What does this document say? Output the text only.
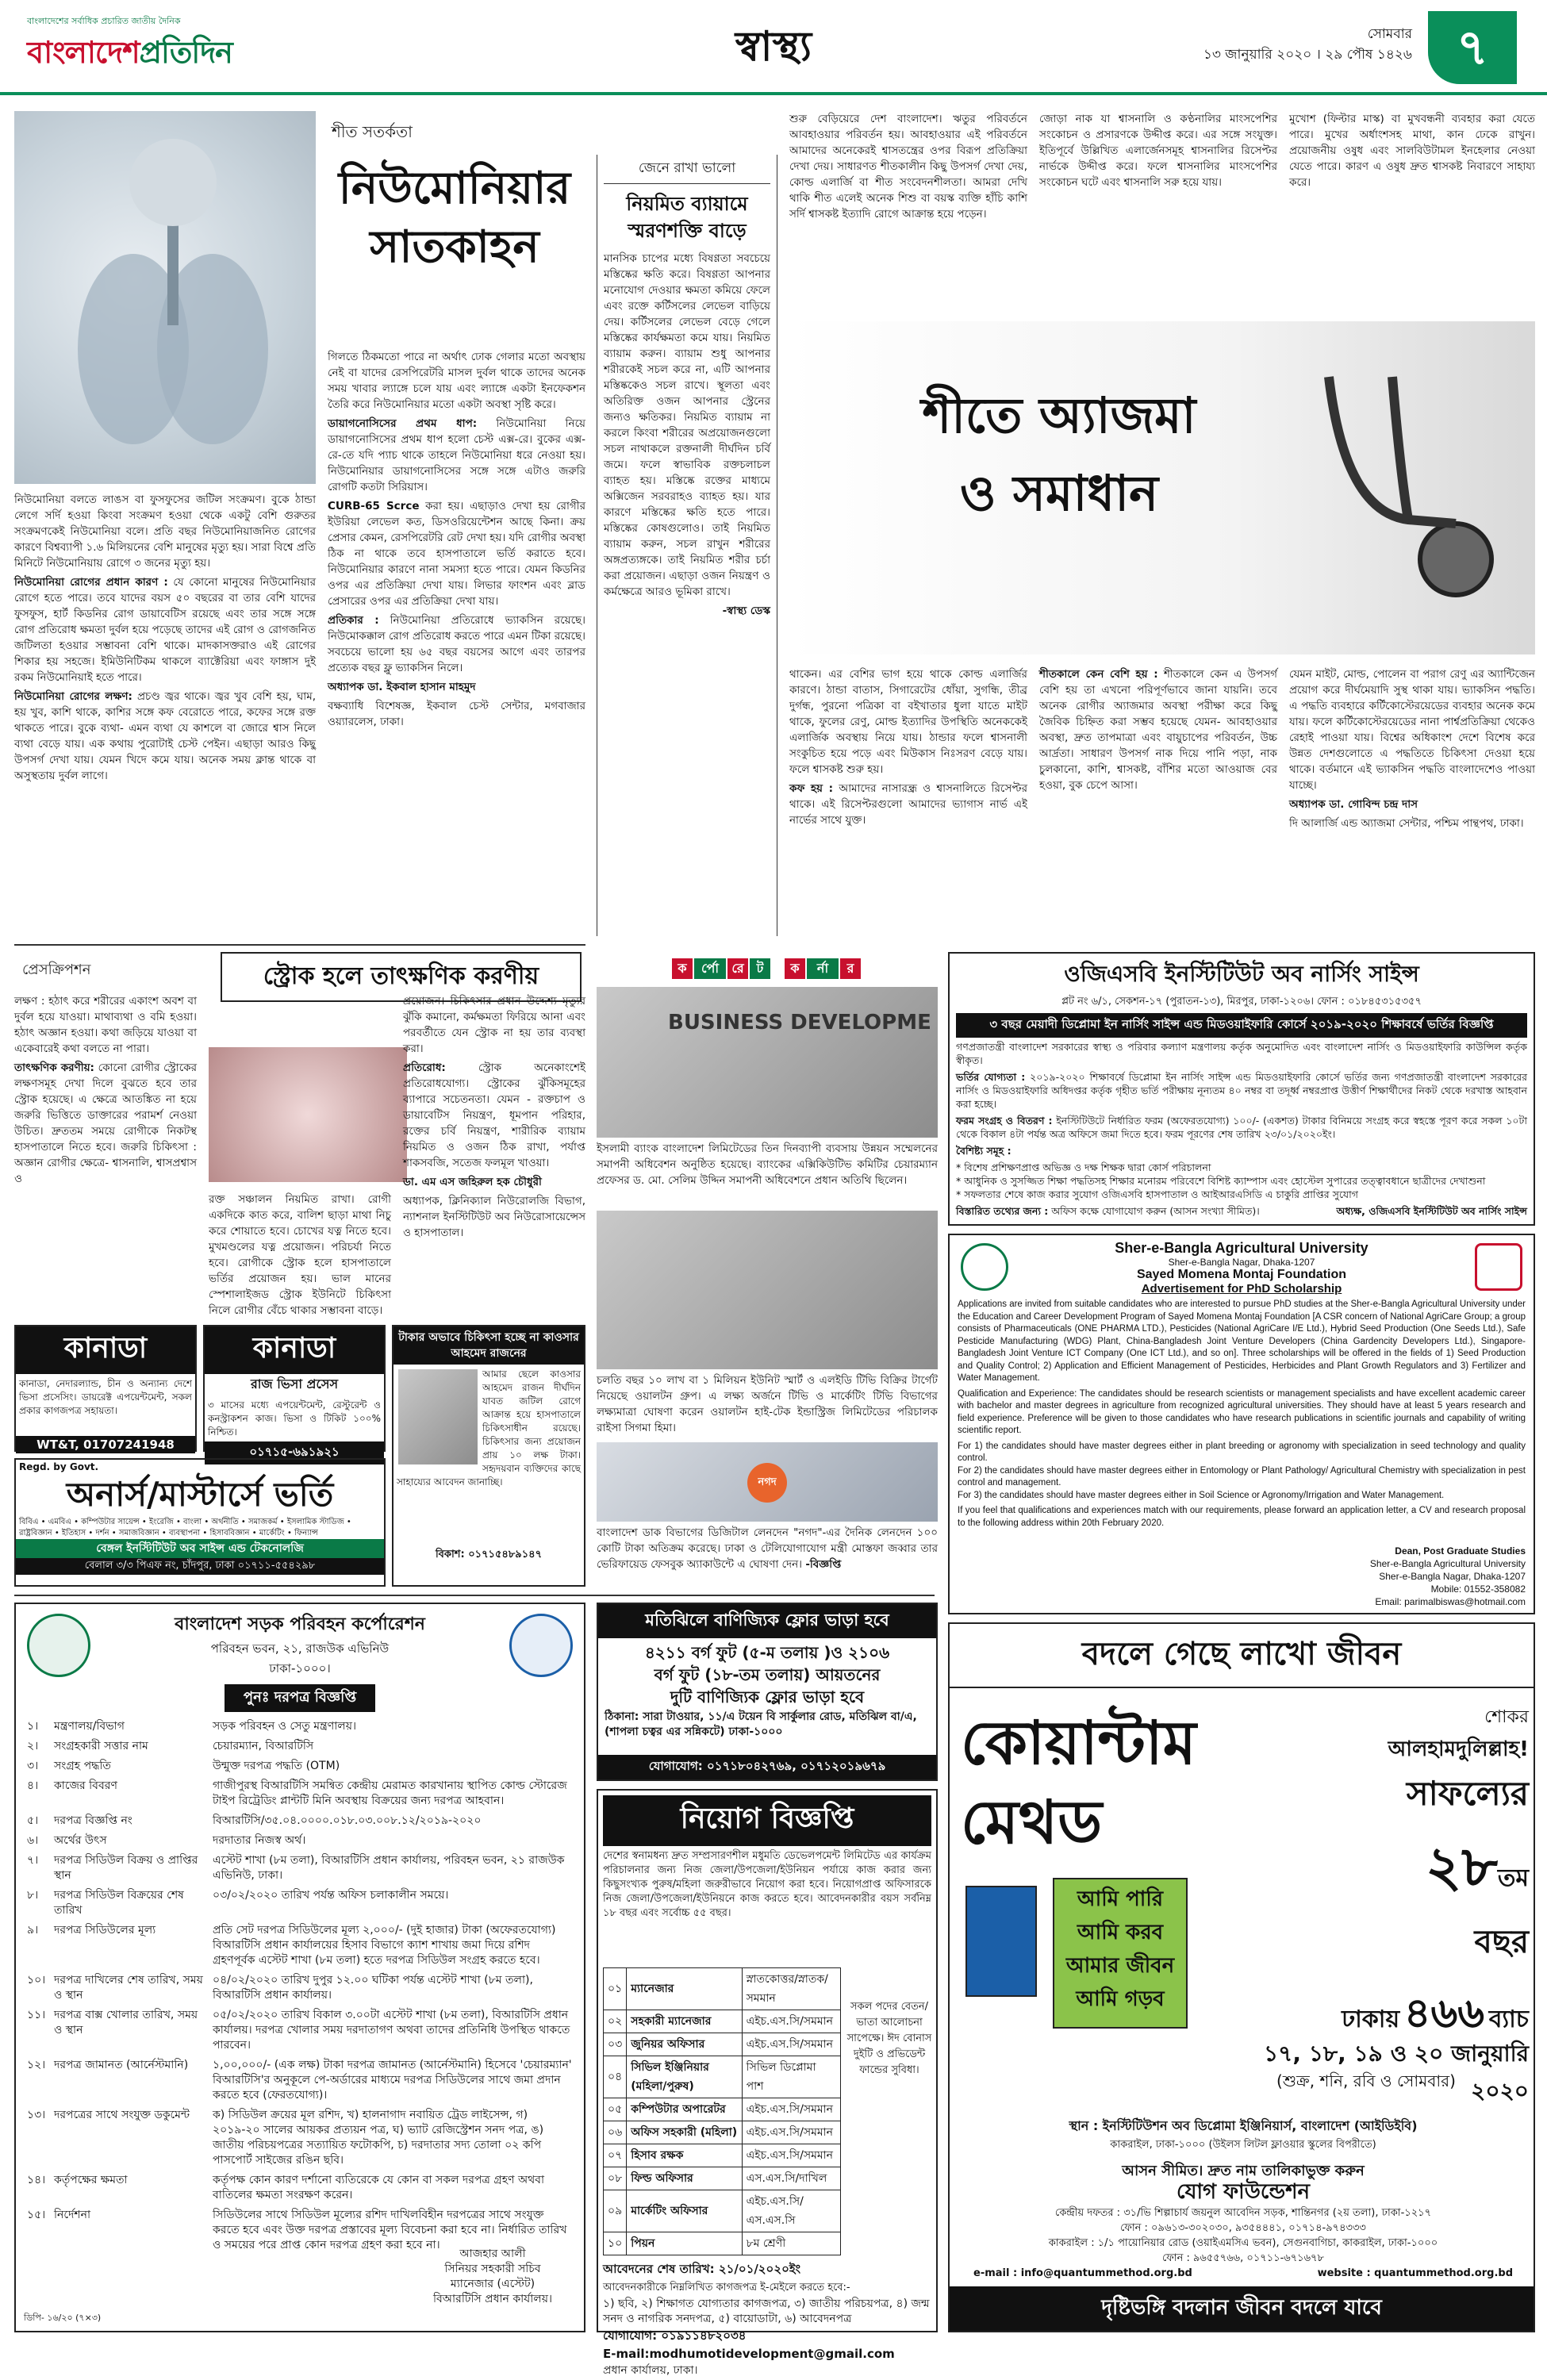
বাংলাদেশের সর্বাধিক প্রচারিত জাতীয় দৈনিক
বাংলাদেশপ্রতিদিন	স্বাস্থ্য	সোমবার
১৩ জানুয়ারি ২০২০ । ২৯ পৌষ ১৪২৬ ৭
শীত সতর্কতা
নিউমোনিয়ার
সাতকাহন

নিউমোনিয়া বলতে লাঙস বা ফুসফুসের জটিল সংক্রমণ। বুকে ঠান্ডা লেগে সর্দি হওয়া কিংবা সংক্রমণ হওয়া থেকে একটু বেশি গুরুতর সংক্রমণকেই নিউমোনিয়া বলে। প্রতি বছর নিউমোনিয়াজনিত রোগের কারণে বিশ্বব্যাপী ১.৬ মিলিয়নের বেশি মানুষের মৃত্যু হয়। সারা বিশ্বে প্রতি মিনিটে নিউমোনিয়ায় রোগে ৩ জনের মৃত্যু হয়।

নিউমোনিয়া রোগের প্রধান কারণ : যে কোনো মানুষের নিউমোনিয়ার রোগে হতে পারে। তবে যাদের বয়স ৫০ বছরের বা তার বেশি যাদের ফুসফুস, হার্ট কিডনির রোগ ডায়াবেটিস রয়েছে এবং তার সঙ্গে সঙ্গে রোগ প্রতিরোধ ক্ষমতা দুর্বল হয়ে পড়েছে তাদের এই রোগ ও রোগজনিত জটিলতা হওয়ার সম্ভাবনা বেশি থাকে। মাদকাসক্তরাও এই রোগের শিকার হয় সহজে। ইমিউনিটিকম থাকলে ব্যাক্টেরিয়া এবং ফাঙ্গাস দুই রকম নিউমোনিয়াই হতে পারে।

নিউমোনিয়া রোগের লক্ষণ: প্রচণ্ড জ্বর থাকে। জ্বর খুব বেশি হয়, ঘাম, হয় খুব, কাশি থাকে, কাশির সঙ্গে কফ বেরোতে পারে, কফের সঙ্গে রক্ত থাকতে পারে। বুকে ব্যথা- এমন ব্যথা যে কাশলে বা জোরে শ্বাস নিলে ব্যথা বেড়ে যায়। এক কথায় পুরোটাই চেস্ট পেইন। এছাড়া আরও কিছু উপসর্গ দেখা যায়। যেমন খিদে কমে যায়। অনেক সময় ক্লান্ত থাকে বা অসুস্থতায় দুর্বল লাগে।

গিলতে ঠিকমতো পারে না অর্থাৎ ঢোক গেলার মতো অবস্থায় নেই বা যাদের রেসপিরেটরি মাসল দুর্বল থাকে তাদের অনেক সময় খাবার ল্যাঙ্গে চলে যায় এবং ল্যাঙ্গে একটা ইনফেকশন তৈরি করে নিউমোনিয়ার মতো একটা অবস্থা সৃষ্টি করে।

ডায়াগনোসিসের প্রথম ধাপ: নিউমোনিয়া নিয়ে ডায়াগনোসিসের প্রথম ধাপ হলো চেস্ট এক্স-রে। বুকের এক্স-রে-তে যদি প্যাচ থাকে তাহলে নিউমোনিয়া ধরে নেওয়া হয়। নিউমোনিয়ার ডায়াগনোসিসের সঙ্গে সঙ্গে এটাও জরুরি রোগটি কতটা সিরিয়াস।

CURB-65 Scrce করা হয়। এছাড়াও দেখা হয় রোগীর ইউরিয়া লেভেল কত, ডিসওরিয়েন্টেশন আছে কিনা। ক্রয় প্রেসার কেমন, রেসপিরেটরি রেট দেখা হয়। যদি রোগীর অবস্থা ঠিক না থাকে তবে হাসপাতালে ভর্তি করাতে হবে। নিউমোনিয়ার কারণে নানা সমস্যা হতে পারে। যেমন কিডনির ওপর এর প্রতিক্রিয়া দেখা যায়। লিভার ফাংশন এবং ব্লাড প্রেসারের ওপর এর প্রতিক্রিয়া দেখা যায়।

প্রতিকার : নিউমোনিয়া প্রতিরোধে ভ্যাকসিন রয়েছে। নিউমোকক্কাল রোগ প্রতিরোধ করতে পারে এমন টিকা রয়েছে। সবচেয়ে ভালো হয় ৬৫ বছর বয়সের আগে এবং তারপর প্রত্যেক বছর ফ্লু ভ্যাকসিন নিলে।

অধ্যাপক ডা. ইকবাল হাসান মাহমুদ

বক্ষব্যাধি বিশেষজ্ঞ, ইকবাল চেস্ট সেন্টার, মগবাজার ওয়্যারলেস, ঢাকা।

জেনে রাখা ভালো
নিয়মিত ব্যায়ামে
স্মরণশক্তি বাড়ে

মানসিক চাপের মধ্যে বিষণ্ণতা সবচেয়ে মস্তিষ্কের ক্ষতি করে। বিষণ্ণতা আপনার মনোযোগ দেওয়ার ক্ষমতা কমিয়ে ফেলে এবং রক্তে কর্টিসলের লেভেল বাড়িয়ে দেয়। কর্টিসলের লেভেল বেড়ে গেলে মস্তিষ্কের কার্যক্ষমতা কমে যায়। নিয়মিত ব্যায়াম করুন। ব্যায়াম শুধু আপনার শরীরকেই সচল করে না, এটি আপনার মস্তিষ্ককেও সচল রাখে। স্থূলতা এবং অতিরিক্ত ওজন আপনার স্ট্রেনের জন্যও ক্ষতিকর। নিয়মিত ব্যায়াম না করলে কিংবা শরীরের অপ্রয়োজনগুলো সচল নাথাকলে রক্তনালী দীর্ঘদিন চর্বি জমে। ফলে স্বাভাবিক রক্তচলাচল ব্যাহত হয়। মস্তিষ্কে রক্তের মাধ্যমে অক্সিজেন সরবরাহও ব্যাহত হয়। যার কারণে মস্তিষ্কের ক্ষতি হতে পারে। মস্তিষ্কের কোষগুলোও। তাই নিয়মিত ব্যায়াম করুন, সচল রাখুন শরীরের অঙ্গপ্রত্যঙ্গকে। তাই নিয়মিত শরীর চর্চা করা প্রয়োজন। এছাড়া ওজন নিয়ন্ত্রণ ও কর্মক্ষেত্রে আরও ভূমিকা রাখে।

-স্বাস্থ্য ডেস্ক

শুরু বেড়িয়েরে দেশ বাংলাদেশ। ঋতুর পরিবর্তনে আবহাওয়ার পরিবর্তন হয়। আবহাওয়ার এই পরিবর্তনে আমাদের অনেকেরই শ্বাসতন্ত্রের ওপর বিরূপ প্রতিক্রিয়া দেখা দেয়। সাধারণত শীতকালীন কিছু উপসর্গ দেখা দেয়, কোল্ড এলার্জি বা শীত সংবেদনশীলতা। আমরা দেখি থাকি শীত এলেই অনেক শিশু বা বয়স্ক ব্যক্তি হাঁচি কাশি সর্দি শ্বাসকষ্ট ইত্যাদি রোগে আক্রান্ত হয়ে পড়েন।

জোড়া নাক যা শ্বাসনালি ও কণ্ঠনালির মাংসপেশির সংকোচন ও প্রসারণকে উদ্দীপ্ত করে। এর সঙ্গে সংযুক্ত। ইতিপূর্বে উল্লিখিত এলার্জেনসমূহ শ্বাসনালির রিসেপ্টর নার্ভকে উদ্দীপ্ত করে। ফলে শ্বাসনালির মাংসপেশির সংকোচন ঘটে এবং শ্বাসনালি সরু হয়ে যায়।

মুখোশ (ফিল্টার মাস্ক) বা মুখবন্ধনী ব্যবহার করা যেতে পারে। মুখের অর্ধাংশসহ মাথা, কান ঢেকে রাখুন। প্রয়োজনীয় ওষুধ এবং সালবিউটামল ইনহেলার নেওয়া যেতে পারে। কারণ এ ওষুধ দ্রুত শ্বাসকষ্ট নিবারণে সাহায্য করে।

শীতে অ্যাজমা
ও সমাধান

থাকেন। এর বেশির ভাগ হয়ে থাকে কোল্ড এলার্জির কারণে। ঠান্ডা বাতাস, সিগারেটের ধোঁয়া, সুগন্ধি, তীব্র দুর্গন্ধ, পুরনো পত্রিকা বা বইখাতার ধুলা যাতে মাইট থাকে, ফুলের রেণু, মোল্ড ইত্যাদির উপস্থিতি অনেককেই এলার্জিক অবস্থায় নিয়ে যায়। ঠান্ডার ফলে শ্বাসনালী সংকুচিত হয়ে পড়ে এবং মিউকাস নিঃসরণ বেড়ে যায়। ফলে শ্বাসকষ্ট শুরু হয়।

কফ হয় : আমাদের নাসারন্ধ্র ও শ্বাসনালিতে রিসেপ্টর থাকে। এই রিসেপ্টরগুলো আমাদের ভ্যাগাস নার্ভ এই নার্ভের সাথে যুক্ত।

শীতকালে কেন বেশি হয় : শীতকালে কেন এ উপসর্গ বেশি হয় তা এখনো পরিপূর্ণভাবে জানা যায়নি। তবে অনেক রোগীর অ্যাজমার অবস্থা পরীক্ষা করে কিছু জৈবিক চিহ্নিত করা সম্ভব হয়েছে যেমন- আবহাওয়ার অবস্থা, দ্রুত তাপমাত্রা এবং বায়ুচাপের পরিবর্তন, উচ্চ আর্দ্রতা। সাধারণ উপসর্গ নাক দিয়ে পানি পড়া, নাক চুলকানো, কাশি, শ্বাসকষ্ট, বাঁশির মতো আওয়াজ বের হওয়া, বুক চেপে আসা।

যেমন মাইট, মোল্ড, পোলেন বা পরাগ রেণু এর অ্যান্টিজেন প্রয়োগ করে দীর্ঘমেয়াদি সুস্থ থাকা যায়। ভ্যাকসিন পদ্ধতি। এ পদ্ধতি ব্যবহারে কর্টিকোস্টেরয়েডের ব্যবহার অনেক কমে যায়। ফলে কর্টিকোস্টেরয়েডের নানা পার্শ্বপ্রতিক্রিয়া থেকেও রেহাই পাওয়া যায়। বিশ্বের অধিকাংশ দেশে বিশেষ করে উন্নত দেশগুলোতে এ পদ্ধতিতে চিকিৎসা দেওয়া হয়ে থাকে। বর্তমানে এই ভ্যাকসিন পদ্ধতি বাংলাদেশেও পাওয়া যাচ্ছে।

অধ্যাপক ডা. গোবিন্দ চন্দ্র দাস

দি আলার্জি এন্ড অ্যাজমা সেন্টার, পশ্চিম পান্থপথ, ঢাকা।

প্রেসক্রিপশন	স্ট্রোক হলে তাৎক্ষণিক করণীয়

লক্ষণ : হঠাৎ করে শরীরের একাংশ অবশ বা দুর্বল হয়ে যাওয়া। মাথাব্যথা ও বমি হওয়া। হঠাৎ অজ্ঞান হওয়া। কথা জড়িয়ে যাওয়া বা একেবারেই কথা বলতে না পারা।

তাৎক্ষণিক করণীয়: কোনো রোগীর স্ট্রোকের লক্ষণসমূহ দেখা দিলে বুঝতে হবে তার স্ট্রোক হয়েছে। এ ক্ষেত্রে আতঙ্কিত না হয়ে জরুরি ভিত্তিতে ডাক্তারের পরামর্শ নেওয়া উচিত। দ্রুততম সময়ে রোগীকে নিকটস্থ হাসপাতালে নিতে হবে। জরুরি চিকিৎসা : অজ্ঞান রোগীর ক্ষেত্রে- শ্বাসনালি, শ্বাসপ্রশ্বাস ও

রক্ত সঞ্চালন নিয়মিত রাখা। রোগী একদিকে কাত করে, বালিশ ছাড়া মাথা নিচু করে শোয়াতে হবে। চোখের যত্ন নিতে হবে। মুখমণ্ডলের যত্ন প্রয়োজন। পরিচর্যা নিতে হবে। রোগীকে স্ট্রোক হলে হাসপাতালে ভর্তির প্রয়োজন হয়। ভাল মানের স্পেশালাইজড স্ট্রোক ইউনিটে চিকিৎসা নিলে রোগীর বেঁচে থাকার সম্ভাবনা বাড়ে।

প্রয়োজন। চিকিৎসার প্রধান উদ্দেশ্য মৃত্যুর ঝুঁকি কমানো, কর্মক্ষমতা ফিরিয়ে আনা এবং পরবর্তীতে যেন স্ট্রোক না হয় তার ব্যবস্থা করা।

প্রতিরোধ:	স্ট্রোক অনেকাংশেই প্রতিরোধযোগ্য। স্ট্রোকের ঝুঁকিসমূহের ব্যাপারে সচেতনতা। যেমন - রক্তচাপ ও ডায়াবেটিস নিয়ন্ত্রণ, ধূমপান পরিহার, রক্তের চর্বি নিয়ন্ত্রণ, শারীরিক ব্যায়াম নিয়মিত ও ওজন ঠিক রাখা, পর্যাপ্ত শাকসবজি, সতেজ ফলমূল খাওয়া।

ডা. এম এস জহিরুল হক চৌধুরী

অধ্যাপক, ক্লিনিক্যাল নিউরোলজি বিভাগ, ন্যাশনাল ইনস্টিটিউট অব নিউরোসায়েন্সেস ও হাসপাতাল।

কানাডা
কানাডা, নেদারল্যান্ড, চীন ও অন্যান্য দেশে ভিসা প্রসেসিং। ডায়রেক্ট এপয়েন্টমেন্ট, সকল প্রকার কাগজপত্র সহায়তা।
WT&T, 01707241948
কানাডা
রাজ ভিসা প্রসেস
৩ মাসের মধ্যে এপয়েন্টমেন্ট, রেস্টুরেন্ট ও কনস্ট্রাকশন কাজ। ভিসা ও টিকিট ১০০% নিশ্চিত।
০১৭১৫-৬৯১৯২১
টাকার অভাবে চিকিৎসা হচ্ছে না কাওসার আহমেদ রাজনের
আমার ছেলে কাওসার আহমেদ রাজন দীর্ঘদিন যাবত জটিল রোগে আক্রান্ত হয়ে হাসপাতালে চিকিৎসাধীন রয়েছে। চিকিৎসার জন্য প্রয়োজন প্রায় ১০ লক্ষ টাকা। সহৃদয়বান ব্যক্তিদের কাছে সাহায্যের আবেদন জানাচ্ছি।
বিকাশ: ০১৭১৫৪৮৯১৪৭
Regd. by Govt.
অনার্স/মাস্টার্সে ভর্তি
বিবিএ • এমবিএ • কম্পিউটার সায়েন্স • ইংরেজি • বাংলা • অর্থনীতি • সমাজকর্ম • ইসলামিক স্টাডিজ • রাষ্ট্রবিজ্ঞান • ইতিহাস • দর্শন • সমাজবিজ্ঞান • ব্যবস্থাপনা • হিসাববিজ্ঞান • মার্কেটিং • ফিন্যান্স
বেঙ্গল ইনস্টিটিউট অব সাইন্স এন্ড টেকনোলজি
বেলাল ৩/৩ পিএফ নং, চাঁদপুর, ঢাকা ০১৭১১-৫৫৪২৯৮
ক র্পো রে ট ক র্না র
BUSINESS DEVELOPME
ইসলামী ব্যাংক বাংলাদেশ লিমিটেডের তিন দিনব্যাপী ব্যবসায় উন্নয়ন সম্মেলনের সমাপনী অধিবেশন অনুষ্ঠিত হয়েছে। ব্যাংকের এক্সিকিউটিভ কমিটির চেয়ারম্যান প্রফেসর ড. মো. সেলিম উদ্দিন সমাপনী অধিবেশনে প্রধান অতিথি ছিলেন।
চলতি বছর ১০ লাখ বা ১ মিলিয়ন ইউনিট স্মার্ট ও এলইডি টিভি বিক্রির টার্গেট নিয়েছে ওয়ালটন গ্রুপ। এ লক্ষ্য অর্জনে টিভি ও মার্কেটিং টিভি বিভাগের লক্ষ্যমাত্রা ঘোষণা করেন ওয়ালটন হাই-টেক ইন্ডাস্ট্রিজ লিমিটেডের পরিচালক রাইসা সিগমা হিমা।
নগদ
বাংলাদেশ ডাক বিভাগের ডিজিটাল লেনদেন "নগদ"-এর দৈনিক লেনদেন ১০০ কোটি টাকা অতিক্রম করেছে। ঢাকা ও টেলিযোগাযোগ মন্ত্রী মোস্তফা জব্বার তার ভেরিফায়েড ফেসবুক অ্যাকাউন্টে এ ঘোষণা দেন। -বিজ্ঞপ্তি
ওজিএসবি ইনস্টিটিউট অব নার্সিং সাইন্স
প্লট নং ৬/১, সেকশন-১৭ (পুরাতন-১৩), মিরপুর, ঢাকা-১২০৬। ফোন : ০১৮৪৫৩১৫৩৫৭
৩ বছর মেয়াদী ডিপ্লোমা ইন নার্সিং সাইন্স এন্ড মিডওয়াইফারি কোর্সে ২০১৯-২০২০ শিক্ষাবর্ষে ভর্তির বিজ্ঞপ্তি

গণপ্রজাতন্ত্রী বাংলাদেশ সরকারের স্বাস্থ্য ও পরিবার কল্যাণ মন্ত্রণালয় কর্তৃক অনুমোদিত এবং বাংলাদেশ নার্সিং ও মিডওয়াইফারি কাউন্সিল কর্তৃক স্বীকৃত।

ভর্তির যোগ্যতা : ২০১৯-২০২০ শিক্ষাবর্ষে ডিপ্লোমা ইন নার্সিং সাইন্স এন্ড মিডওয়াইফারি কোর্সে ভর্তির জন্য গণপ্রজাতন্ত্রী বাংলাদেশ সরকারের নার্সিং ও মিডওয়াইফারি অধিদপ্তর কর্তৃক গৃহীত ভর্তি পরীক্ষায় নূন্যতম ৪০ নম্বর বা তদূর্ধ্ব নম্বরপ্রাপ্ত উত্তীর্ণ শিক্ষার্থীদের নিকট থেকে দরখাস্ত আহবান করা হচ্ছে।

ফরম সংগ্রহ ও বিতরণ : ইনস্টিটিউটে নির্ধারিত ফরম (অফেরতযোগ্য) ১০০/- (একশত) টাকার বিনিময়ে সংগ্রহ করে স্বহস্তে পূরণ করে সকল ১০টা থেকে বিকাল ৪টা পর্যন্ত অত্র অফিসে জমা দিতে হবে। ফরম পূরণের শেষ তারিখ ২৩/০১/২০২০ইং।

বৈশিষ্ট্য সমূহ :

* বিশেষ প্রশিক্ষণপ্রাপ্ত অভিজ্ঞ ও দক্ষ শিক্ষক দ্বারা কোর্স পরিচালনা

* আধুনিক ও সুসজ্জিত শিক্ষা পদ্ধতিসহ শিক্ষার মনোরম পরিবেশে বিশিষ্ট ক্যাম্পাস এবং হোস্টেল সুপারের তত্ত্বাবধানে ছাত্রীদের দেখাশুনা

* সফলতার শেষে কাজ করার সুযোগ ওজিএসবি হাসপাতাল ও আইআরএসিডি এ চাকুরি প্রাপ্তির সুযোগ

বিস্তারিত তথ্যের জন্য : অফিস কক্ষে যোগাযোগ করুন (আসন সংখ্যা সীমিত)।	অধ্যক্ষ, ওজিএসবি ইনস্টিটিউট অব নার্সিং সাইন্স

Sher-e-Bangla Agricultural University
Sher-e-Bangla Nagar, Dhaka-1207
Sayed Momena Montaj Foundation
Advertisement for PhD Scholarship

Applications are invited from suitable candidates who are interested to pursue PhD studies at the Sher-e-Bangla Agricultural University under the Education and Career Development Program of Sayed Momena Montaj Foundation [A CSR concern of National AgriCare Group; a group consists of Pharmaceuticals (ONE PHARMA LTD.), Pesticides (National AgriCare I/E Ltd.), Hybrid Seed Production (One Seeds Ltd.), Safe Pesticide Manufacturing (WDG) Plant, China-Bangladesh Joint Venture Developers (China Gardencity Developers Ltd.), Singapore-Bangladesh Joint Venture ICT Company (One ICT Ltd.), and so on]. Three scholarships will be offered in the fields of 1) Seed Production and Quality Control; 2) Application and Efficient Management of Pesticides, Herbicides and Plant Growth Regulators and 3) Fertilizer and Water Management.

Qualification and Experience: The candidates should be research scientists or management specialists and have excellent academic career with bachelor and master degrees in agriculture from recognized agricultural universities. They should have at least 5 years research and field experience. Preference will be given to those candidates who have research publications in scientific journals and capability of writing scientific report.

For 1) the candidates should have master degrees either in plant breeding or agronomy with specialization in seed technology and quality control.

For 2) the candidates should have master degrees either in Entomology or Plant Pathology/ Agricultural Chemistry with specialization in pest control and management.

For 3) the candidates should have master degrees either in Soil Science or Agronomy/Irrigation and Water Management.

If you feel that qualifications and experiences match with our requirements, please forward an application letter, a CV and research proposal to the following address within 20th February 2020.

Dean, Post Graduate Studies
Sher-e-Bangla Agricultural University
Sher-e-Bangla Nagar, Dhaka-1207
Mobile: 01552-358082
Email: parimalbiswas@hotmail.com
বাংলাদেশ সড়ক পরিবহন কর্পোরেশন
পরিবহন ভবন, ২১, রাজউক এভিনিউ
ঢাকা-১০০০।
পুনঃ দরপত্র বিজ্ঞপ্তি
১।	মন্ত্রণালয়/বিভাগ	সড়ক পরিবহন ও সেতু মন্ত্রণালয়।
২।	সংগ্রহকারী সত্তার নাম	চেয়ারম্যান, বিআরটিসি
৩।	সংগ্রহ পদ্ধতি	উন্মুক্ত দরপত্র পদ্ধতি (OTM)
৪।	কাজের বিবরণ	গাজীপুরস্থ বিআরটিসি সমন্বিত কেন্দ্রীয় মেরামত কারখানায় স্থাপিত কোল্ড স্টোরেজ টাইপ রিট্রেডিং প্লান্টটি মিনি অবস্থায় বিক্রয়ের জন্য দরপত্র আহবান।
৫।	দরপত্র বিজ্ঞপ্তি নং	বিআরটিসি/৩৫.০৪.০০০০.০১৮.০৩.০০৮.১২/২০১৯-২০২০
৬।	অর্থের উৎস	দরদাতার নিজস্ব অর্থ।
৭।	দরপত্র সিডিউল বিক্রয় ও প্রাপ্তির স্থান	এস্টেট শাখা (৮ম তলা), বিআরটিসি প্রধান কার্যালয়, পরিবহন ভবন, ২১ রাজউক এভিনিউ, ঢাকা।
৮।	দরপত্র সিডিউল বিক্রয়ের শেষ তারিখ	০৩/০২/২০২০ তারিখ পর্যন্ত অফিস চলাকালীন সময়ে।
৯।	দরপত্র সিডিউলের মূল্য	প্রতি সেট দরপত্র সিডিউলের মূল্য ২,০০০/- (দুই হাজার) টাকা (অফেরতযোগ্য) বিআরটিসি প্রধান কার্যালয়ের হিসাব বিভাগে ক্যাশ শাখায় জমা দিয়ে রশিদ গ্রহণপূর্বক এস্টেট শাখা (৮ম তলা) হতে দরপত্র সিডিউল সংগ্রহ করতে হবে।
১০।	দরপত্র দাখিলের শেষ তারিখ, সময় ও স্থান	০৪/০২/২০২০ তারিখ দুপুর ১২.০০ ঘটিকা পর্যন্ত এস্টেট শাখা (৮ম তলা), বিআরটিসি প্রধান কার্যালয়।
১১।	দরপত্র বাক্স খোলার তারিখ, সময় ও স্থান	০৫/০২/২০২০ তারিখ বিকাল ৩.০০টা এস্টেট শাখা (৮ম তলা), বিআরটিসি প্রধান কার্যালয়। দরপত্র খোলার সময় দরদাতাগণ অথবা তাদের প্রতিনিধি উপস্থিত থাকতে পারবেন।
১২।	দরপত্র জামানত (আর্নেস্টমানি)	১,০০,০০০/- (এক লক্ষ) টাকা দরপত্র জামানত (আর্নেস্টমানি) হিসেবে 'চেয়ারম্যান' বিআরটিসি'র অনুকূলে পে-অর্ডারের মাধ্যমে দরপত্র সিডিউলের সাথে জমা প্রদান করতে হবে (ফেরতযোগ্য)।
১৩।	দরপত্রের সাথে সংযুক্ত ডকুমেন্ট	ক) সিডিউল ক্রয়ের মূল রশিদ, খ) হালনাগাদ নবায়িত ট্রেড লাইসেন্স, গ) ২০১৯-২০ সালের আয়কর প্রত্যয়ন পত্র, ঘ) ভ্যাট রেজিস্ট্রেশন সনদ পত্র, ঙ) জাতীয় পরিচয়পত্রের সত্যায়িত ফটোকপি, চ) দরদাতার সদ্য তোলা ০২ কপি পাসপোর্ট সাইজের রঙিন ছবি।
১৪।	কর্তৃপক্ষের ক্ষমতা	কর্তৃপক্ষ কোন কারণ দর্শানো ব্যতিরেকে যে কোন বা সকল দরপত্র গ্রহণ অথবা বাতিলের ক্ষমতা সংরক্ষণ করেন।
১৫।	নির্দেশনা	সিডিউলের সাথে সিডিউল মূল্যের রশিদ দাখিলবিহীন দরপত্রের সাথে সংযুক্ত করতে হবে এবং উক্ত দরপত্র প্রস্তাবের মূল্য বিবেচনা করা হবে না। নির্ধারিত তারিখ ও সময়ের পরে প্রাপ্ত কোন দরপত্র গ্রহণ করা হবে না।
আজহার আলী
সিনিয়র সহকারী সচিব
ম্যানেজার (এস্টেট)
বিআরটিসি প্রধান কার্যালয়।
ডিপি- ১৬/২০ (৭×৩)
মতিঝিলে বাণিজ্যিক ফ্লোর ভাড়া হবে
৪২১১ বর্গ ফুট (৫-ম তলায় )ও ২১০৬
বর্গ ফুট (১৮-তম তলায়) আয়তনের
দুটি বাণিজ্যিক ফ্লোর ভাড়া হবে
ঠিকানা: সারা টাওয়ার, ১১/এ টয়েন বি সার্কুলার রোড, মতিঝিল বা/এ, (শাপলা চত্বর এর সন্নিকটে) ঢাকা-১০০০
যোগাযোগ: ০১৭১৮০৪২৭৬৯, ০১৭১২০১৯৬৭৯
নিয়োগ বিজ্ঞপ্তি
দেশের স্বনামধন্য দ্রুত সম্প্রসারণশীল মধুমতি ডেভেলপমেন্ট লিমিটেড এর কার্যক্রম পরিচালনার জন্য নিজ জেলা/উপজেলা/ইউনিয়ন পর্যায়ে কাজ করার জন্য কিছুসংখ্যক পুরুষ/মহিলা জরুরীভাবে নিয়োগ করা হবে। নিয়োগপ্রাপ্ত অফিসারকে নিজ জেলা/উপজেলা/ইউনিয়নে কাজ করতে হবে। আবেদনকারীর বয়স সর্বনিম্ন ১৮ বছর এবং সর্বোচ্চ ৫৫ বছর।
০১	ম্যানেজার	স্নাতকোত্তর/স্নাতক/সমমান
০২	সহকারী ম্যানেজার	এইচ.এস.সি/সমমান
০৩	জুনিয়র অফিসার	এইচ.এস.সি/সমমান
০৪	সিভিল ইঞ্জিনিয়ার (মহিলা/পুরুষ)	সিভিল ডিপ্লোমা পাশ
০৫	কম্পিউটার অপারেটর	এইচ.এস.সি/সমমান
০৬	অফিস সহকারী (মহিলা)	এইচ.এস.সি/সমমান
০৭	হিসাব রক্ষক	এইচ.এস.সি/সমমান
০৮	ফিল্ড অফিসার	এস.এস.সি/দাখিল
০৯	মার্কেটিং অফিসার	এইচ.এস.সি/এস.এস.সি
১০	পিয়ন	৮ম শ্রেণী
সকল পদের বেতন/ ভাতা আলোচনা সাপেক্ষে। ঈদ বোনাস দুইটি ও প্রভিডেন্ট ফান্ডের সুবিধা।
আবেদনের শেষ তারিখ: ২১/০১/২০২০ইং
আবেদনকারীকে নিম্নলিখিত কাগজপত্র ই-মেইলে করতে হবে:-
১) ছবি, ২) শিক্ষাগত যোগ্যতার কাগজপত্র, ৩) জাতীয় পরিচয়পত্র, ৪) জন্ম সনদ ও নাগরিক সনদপত্র, ৫) বায়োডাটা, ৬) আবেদনপত্র
যোগাযোগ: ০১৯১১৪৮২০৩৪
E-mail:modhumotidevelopment@gmail.com
প্রধান কার্যালয়, ঢাকা।
বদলে গেছে লাখো জীবন
কোয়ান্টাম
মেথড
শোকর
আলহামদুলিল্লাহ!
সাফল্যের
২৮তম
বছর
আমি পারি
আমি করব
আমার জীবন
আমি গড়ব
ঢাকায় ৪৬৬ ব্যাচ
১৭, ১৮, ১৯ ও ২০ জানুয়ারি ২০২০
(শুক্র, শনি, রবি ও সোমবার)
স্থান : ইনস্টিটিউশন অব ডিপ্লোমা ইঞ্জিনিয়ার্স, বাংলাদেশ (আইডিইবি)
কাকরাইল, ঢাকা-১০০০ (উইলস লিটল ফ্লাওয়ার স্কুলের বিপরীতে)
আসন সীমিত। দ্রুত নাম তালিকাভুক্ত করুন
যোগ ফাউন্ডেশন
কেন্দ্রীয় দফতর : ৩১/ভি শিল্পাচার্য জয়নুল আবেদিন সড়ক, শান্তিনগর (২য় তলা), ঢাকা-১২১৭
ফোন : ০৯৬১৩-৩০২০৩০, ৯৩৫৪৪৪১, ০১৭১৪-৯৭৪৩৩৩
কাকরাইল : ১/১ পায়োনিয়ার রোড (ওয়াইএমসিএ ভবন), সেগুনবাগিচা, কাকরাইল, ঢাকা-১০০০
ফোন : ৯৬৫৫৭৬৬, ০১৭১১-৬৭১৬৭৮
e-mail : info@quantummethod.org.bd	website : quantummethod.org.bd
দৃষ্টিভঙ্গি বদলান জীবন বদলে যাবে
